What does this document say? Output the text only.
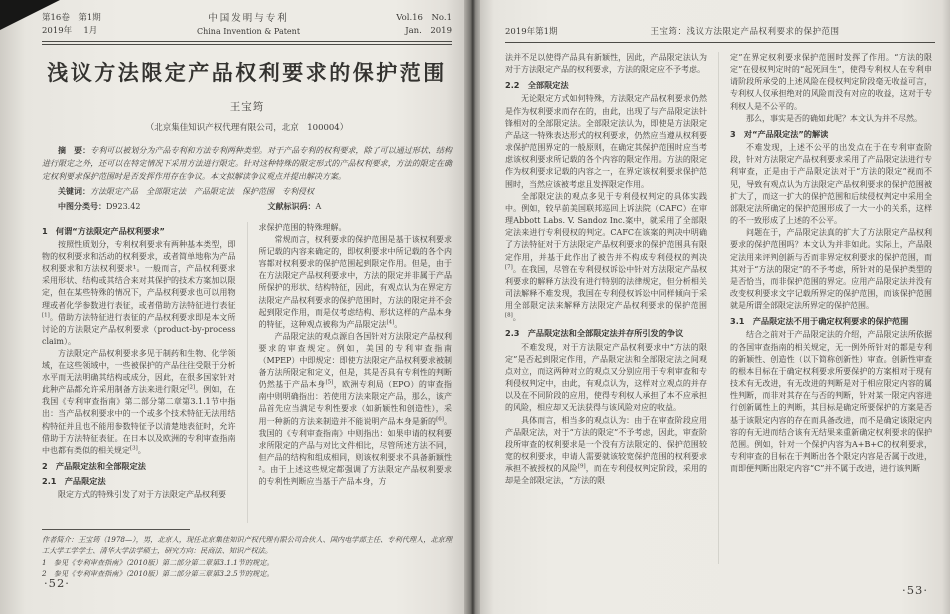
第16卷　第1期
2019年　 1月
中国发明与专利
China Invention & Patent
Vol.16　No.1
Jan.　2019
浅议方法限定产品权利要求的保护范围
王宝筠
（北京集佳知识产权代理有限公司，北京　100004）
摘　要：专利可以被划分为产品专利和方法专利两种类型。对于产品专利的权利要求，除了可以通过形状、结构进行限定之外，还可以在特定情况下采用方法进行限定。针对这种特殊的限定形式的产品权利要求，方法的限定在确定权利要求保护范围时是否发挥作用存在争议。本文拟解读争议观点并提出解决方案。
关键词：方法限定产品　全部限定法　产品限定法　保护范围　专利侵权
中图分类号：D923.42	文献标识码：A
1　何谓“方法限定产品权利要求”
按照性质划分，专利权利要求有两种基本类型，即物的权利要求和活动的权利要求，或者简单地称为产品权利要求和方法权利要求¹。一般而言，产品权利要求采用形状、结构或其结合来对其保护的技术方案加以限定，但在某些特殊的情况下，产品权利要求也可以用物理或者化学参数进行表征，或者借助方法特征进行表征[1]。借助方法特征进行表征的产品权利要求即是本文所讨论的方法限定产品权利要求（product-by-process claim）。
方法限定产品权利要求多见于制药和生物、化学领域，在这些领域中，一些被保护的产品往往受限于分析水平而无法明确其结构或成分，因此，在很多国家针对此种产品都允许采用制备方法来进行限定[2]。例如，在我国《专利审查指南》第二部分第二章第3.1.1节中指出：当产品权利要求中的一个或多个技术特征无法用结构特征并且也不能用参数特征予以清楚地表征时，允许借助于方法特征表征。在日本以及欧洲的专利审查指南中也都有类似的相关规定[3]。
2　产品限定法和全部限定法
2.1　产品限定法
限定方式的特殊引发了对于方法限定产品权利要
求保护范围的特殊理解。
常规而言，权利要求的保护范围是基于该权利要求所记载的内容来确定的，即权利要求中所记载的各个内容都对权利要求的保护范围起到限定作用。但是，由于在方法限定产品权利要求中，方法的限定并非属于产品所保护的形状、结构特征，因此，有观点认为在界定方法限定产品权利要求的保护范围时，方法的限定并不会起到限定作用，而是仅考虑结构、形状这样的产品本身的特征，这种观点被称为产品限定法[4]。
产品限定法的观点源自各国针对方法限定产品权利要求的审查规定。例如，美国的专利审查指南（MPEP）中即规定：即使方法限定产品权利要求被制备方法所限定和定义，但是，其是否具有专利性的判断仍然基于产品本身[5]，欧洲专利局（EPO）的审查指南中则明确指出：若使用方法来限定产品，那么，该产品首先应当满足专利性要求（如新颖性和创造性），采用一种新的方法来制造并不能说明产品本身是新的[6]。我国的《专利审查指南》中则指出：如果申请的权利要求所限定的产品与对比文件相比，尽管所述方法不同，但产品的结构和组成相同，则该权利要求不具备新颖性²。由于上述这些规定都强调了方法限定产品权利要求的专利性判断应当基于产品本身，方
作者简介：王宝筠（1978—），男，北京人，现任北京集佳知识产权代理有限公司合伙人、国内电学部主任、专利代理人，北京理工大学工学学士、清华大学法学硕士，研究方向：民商法、知识产权法。
1　参见《专利审查指南》（2010版）第二部分第二章第3.1.1节的规定。
2　参见《专利审查指南》（2010版）第二部分第三章第3.2.5节的规定。
·52·
2019年第1期	王宝筠：浅议方法限定产品权利要求的保护范围
法并不足以使得产品具有新颖性，因此，产品限定法认为对于方法限定产品的权利要求，方法的限定应不予考虑。
2.2　全部限定法
无论限定方式如何特殊，方法限定产品权利要求仍然是作为权利要求而存在的，由此，出现了与产品限定法针锋相对的全部限定法。全部限定法认为，即使是方法限定产品这一特殊表达形式的权利要求，仍然应当遵从权利要求保护范围界定的一般原则，在确定其保护范围时应当考虑该权利要求所记载的各个内容的限定作用。方法的限定作为权利要求记载的内容之一，在界定该权利要求保护范围时，当然应该被考虑且发挥限定作用。
全部限定法的观点多见于专利侵权判定的具体实践中。例如，较早前美国联邦巡回上诉法院（CAFC）在审理Abbott Labs. V. Sandoz Inc.案中，就采用了全部限定法来进行专利侵权的判定。CAFC在该案的判决中明确了方法特征对于方法限定产品权利要求的保护范围具有限定作用，并基于此作出了被告并不构成专利侵权的判决[7]。在我国，尽管在专利侵权诉讼中针对方法限定产品权利要求的解释方法没有进行特别的法律规定，但分析相关司法解释不难发现，我国在专利侵权诉讼中同样倾向于采用全部限定法来解释方法限定产品权利要求的保护范围[8]。
2.3　产品限定法和全部限定法并存所引发的争议
不难发现，对于方法限定产品权利要求中“方法的限定”是否起到限定作用，产品限定法和全部限定法之间观点对立，而这两种对立的观点又分别应用于专利审查和专利侵权判定中，由此，有观点认为，这样对立观点的并存以及在不同阶段的应用，使得专利权人承担了本不应承担的风险，相应却又无法获得与该风险对应的收益。
具体而言，相当多的观点认为：由于在审查阶段应用产品限定法，对于“方法的限定”不予考虑，因此，审查阶段所审查的权利要求是一个没有方法限定的、保护范围较宽的权利要求，申请人需要就该较宽保护范围的权利要求承担不被授权的风险[9]，而在专利侵权判定阶段，采用的却是全部限定法，“方法的限
定”在界定权利要求保护范围时发挥了作用。“方法的限定”在侵权判定时的“起死回生”，使得专利权人在专利申请阶段所承受的上述风险在侵权判定阶段毫无收益可言，专利权人仅承担绝对的风险而没有对应的收益，这对于专利权人是不公平的。
那么，事实是否的确如此呢？本文认为并不尽然。
3　对“产品限定法”的解读
不难发现，上述不公平的出发点在于在专利审查阶段，针对方法限定产品权利要求采用了产品限定法进行专利审查，正是由于产品限定法对于“方法的限定”视而不见，导致有观点认为方法限定产品权利要求的保护范围被扩大了，而这一扩大的保护范围和后续侵权判定中采用全部限定法所确定的保护范围形成了一大一小的关系，这样的不一致形成了上述的不公平。
问题在于，产品限定法真的扩大了方法限定产品权利要求的保护范围吗？本文认为并非如此。实际上，产品限定法用来评判创新与否而非界定权利要求的保护范围，而其对于“方法的限定”的不予考虑，所针对的是保护类型的是否恰当，而非保护范围的界定。应用产品限定法并没有改变权利要求文字记载所界定的保护范围，而该保护范围就是所谓全部限定法所界定的保护范围。
3.1　产品限定法不用于确定权利要求的保护范围
结合之前对于产品限定法的介绍，产品限定法所依据的各国审查指南的相关规定，无一例外所针对的都是专利的新颖性、创造性（以下简称创新性）审查。创新性审查的根本目标在于确定权利要求所要保护的方案相对于现有技术有无改进，有无改进的判断是对于相应限定内容的属性判断，而非对其存在与否的判断，针对某一限定内容进行创新属性上的判断，其目标是确定所要保护的方案是否基于该限定内容的存在而具备改进，而不是确定该限定内容的有无进而结合该有无结果来重新确定权利要求的保护范围。例如，针对一个保护内容为A+B+C的权利要求，专利审查的目标在于判断出各个限定内容是否属于改进，而即便判断出限定内容“C”并不属于改进，进行该判断
·53·
